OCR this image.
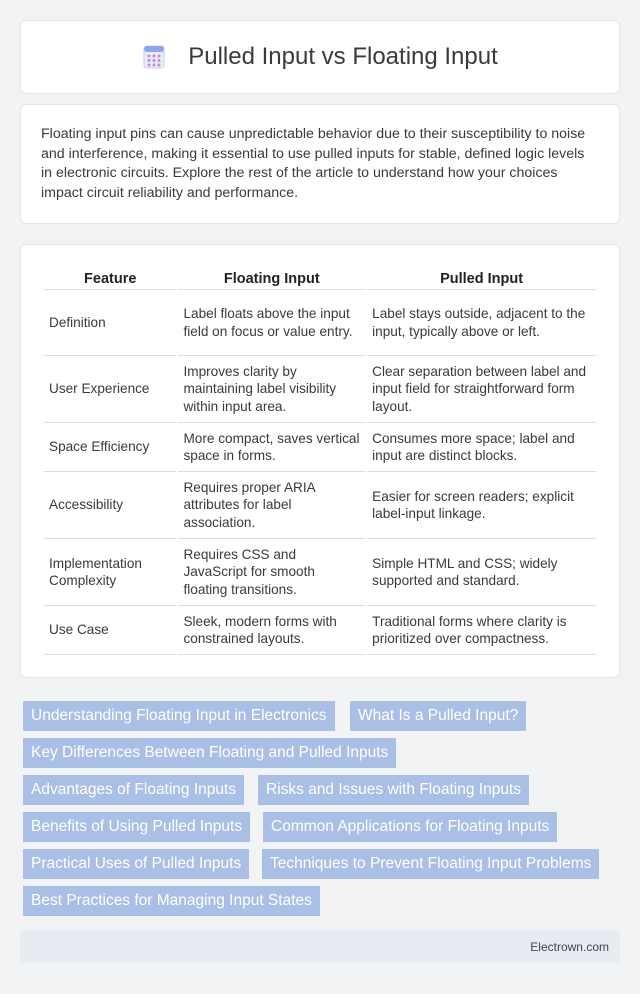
Pulled Input vs Floating Input

Floating input pins can cause unpredictable behavior due to their susceptibility to noise and interference, making it essential to use pulled inputs for stable, defined logic levels in electronic circuits. Explore the rest of the article to understand how your choices impact circuit reliability and performance.

Feature	Floating Input	Pulled Input
Definition	Label floats above the input field on focus or value entry.	Label stays outside, adjacent to the input, typically above or left.
User Experience	Improves clarity by maintaining label visibility within input area.	Clear separation between label and input field for straightforward form layout.
Space Efficiency	More compact, saves vertical space in forms.	Consumes more space; label and input are distinct blocks.
Accessibility	Requires proper ARIA attributes for label association.	Easier for screen readers; explicit label-input linkage.
Implementation Complexity	Requires CSS and JavaScript for smooth floating transitions.	Simple HTML and CSS; widely supported and standard.
Use Case	Sleek, modern forms with constrained layouts.	Traditional forms where clarity is prioritized over compactness.
Understanding Floating Input in Electronics	What Is a Pulled Input?
Key Differences Between Floating and Pulled Inputs
Advantages of Floating Inputs	Risks and Issues with Floating Inputs
Benefits of Using Pulled Inputs	Common Applications for Floating Inputs
Practical Uses of Pulled Inputs	Techniques to Prevent Floating Input Problems
Best Practices for Managing Input States
Electrown.com
